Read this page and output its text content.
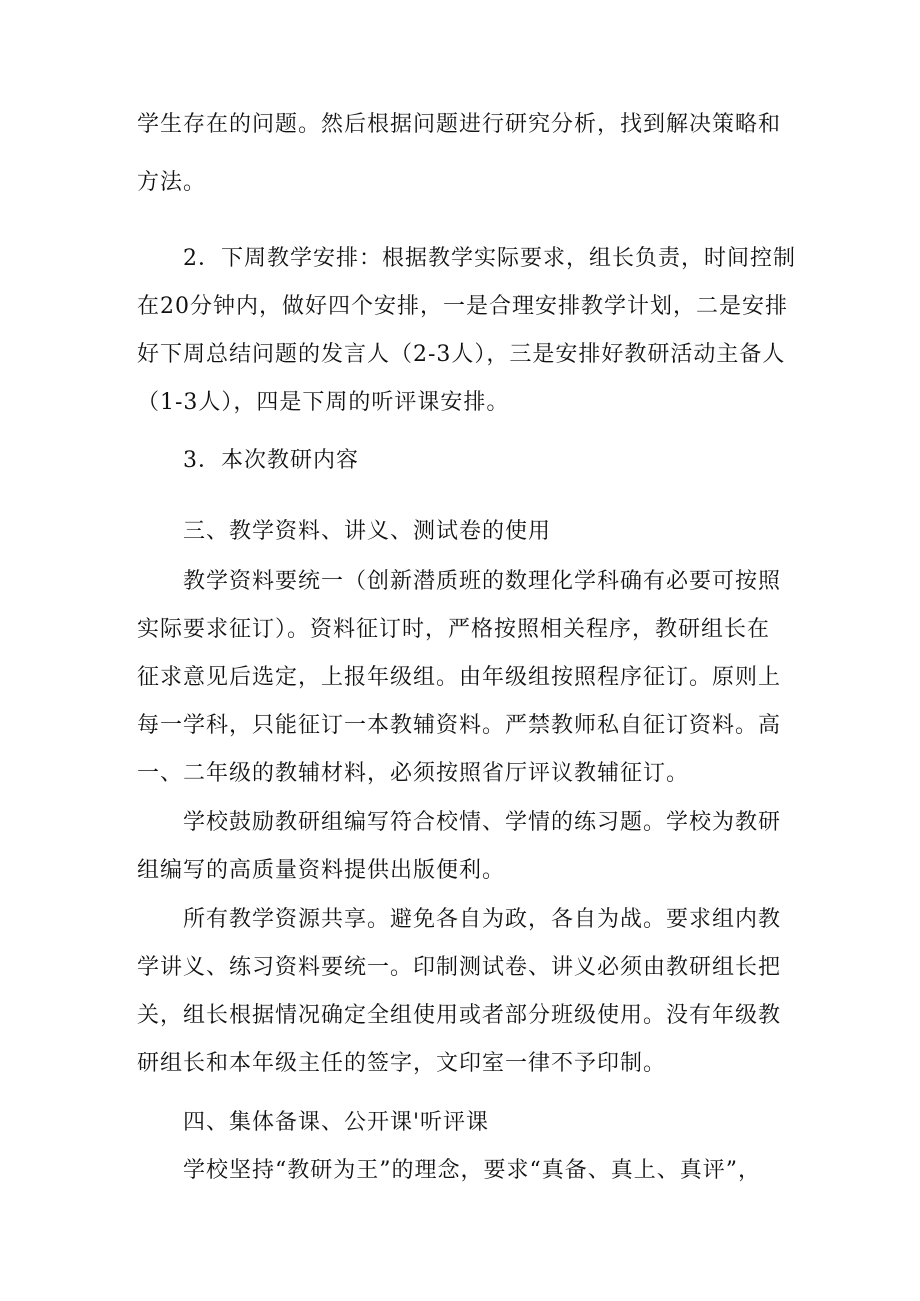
学生存在的问题。然后根据问题进行研究分析，找到解决策略和
方法。
2．下周教学安排：根据教学实际要求，组长负责，时间控制
在20分钟内，做好四个安排，一是合理安排教学计划，二是安排
好下周总结问题的发言人（2-3人），三是安排好教研活动主备人
（1-3人），四是下周的听评课安排。
3．本次教研内容
三、教学资料、讲义、测试卷的使用
教学资料要统一（创新潜质班的数理化学科确有必要可按照
实际要求征订）。资料征订时，严格按照相关程序，教研组长在
征求意见后选定，上报年级组。由年级组按照程序征订。原则上
每一学科，只能征订一本教辅资料。严禁教师私自征订资料。高
一、二年级的教辅材料，必须按照省厅评议教辅征订。
学校鼓励教研组编写符合校情、学情的练习题。学校为教研
组编写的高质量资料提供出版便利。
所有教学资源共享。避免各自为政，各自为战。要求组内教
学讲义、练习资料要统一。印制测试卷、讲义必须由教研组长把
关，组长根据情况确定全组使用或者部分班级使用。没有年级教
研组长和本年级主任的签字，文印室一律不予印制。
四、集体备课、公开课'听评课
学校坚持“教研为王”的理念，要求“真备、真上、真评”，
